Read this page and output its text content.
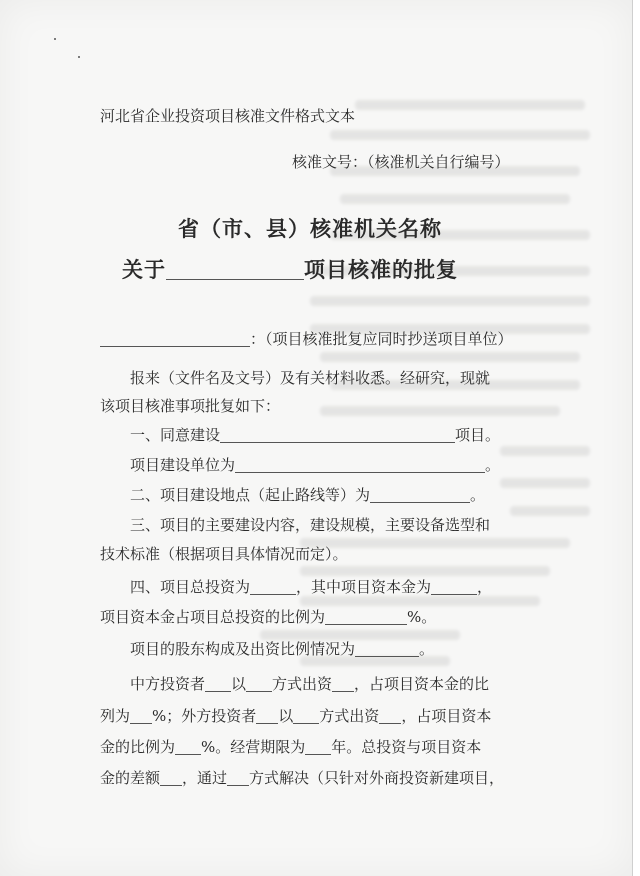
河北省企业投资项目核准文件格式文本
核准文号：（核准机关自行编号）
省（市、县）核准机关名称
关于	项目核准的批复
：（项目核准批复应同时抄送项目单位）
报来（文件名及文号）及有关材料收悉。经研究，现就
该项目核准事项批复如下：
一、同意建设	项目。
项目建设单位为	。
二、项目建设地点（起止路线等）为	。
三、项目的主要建设内容，建设规模，主要设备选型和
技术标准（根据项目具体情况而定）。
四、项目总投资为	，其中项目资本金为	，
项目资本金占项目总投资的比例为	%。
项目的股东构成及出资比例情况为	。
中方投资者 以 方式出资 ，占项目资本金的比
列为 %；外方投资者 以 方式出资 ，占项目资本
金的比例为 %。经营期限为 年。总投资与项目资本
金的差额 ，通过 方式解决（只针对外商投资新建项目，
